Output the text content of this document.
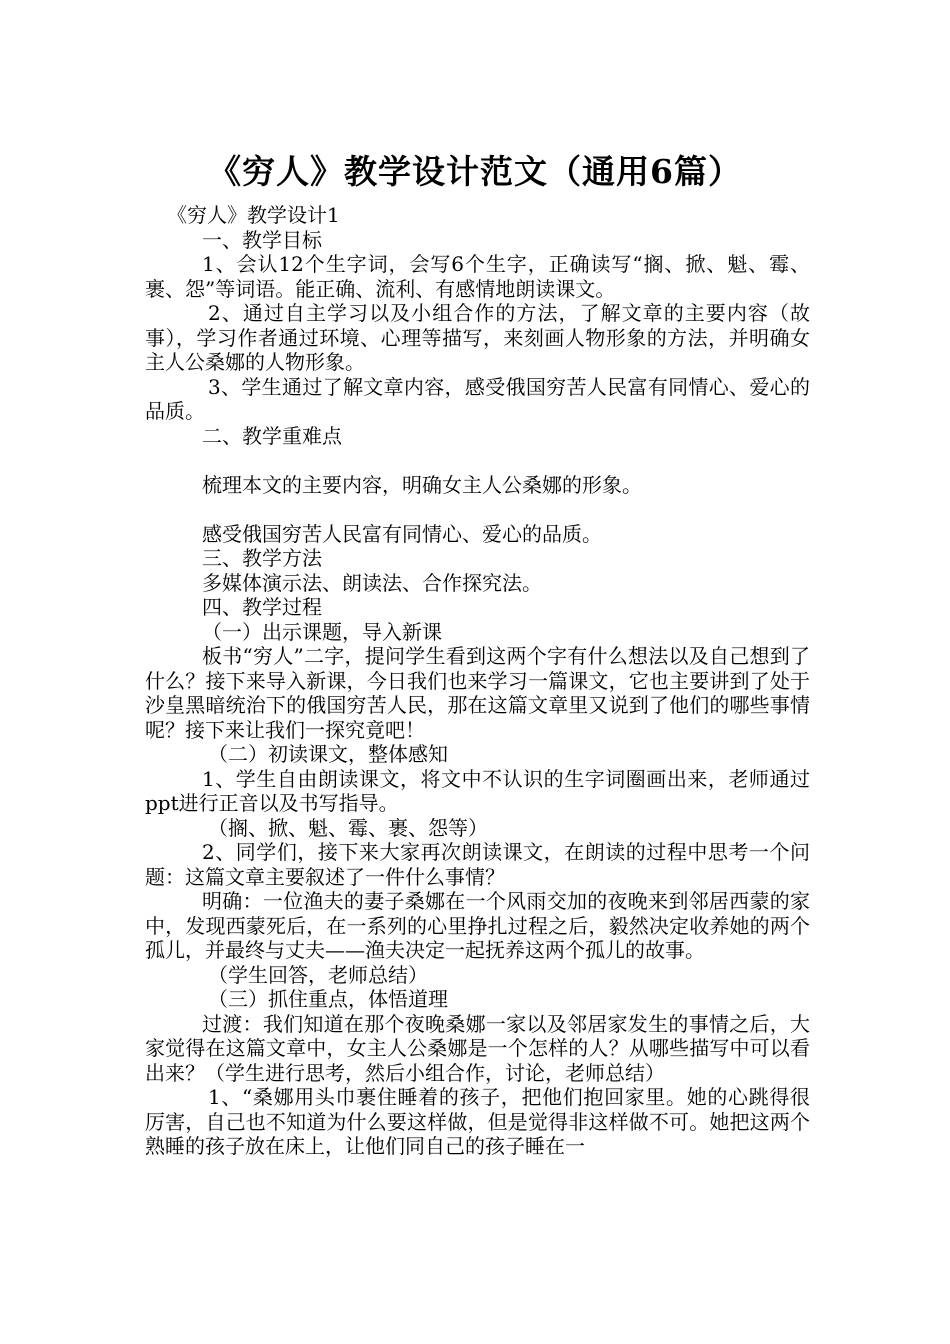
《穷人》教学设计范文（通用6篇）

《穷人》教学设计1

一、教学目标

1、会认12个生字词，会写6个生字，正确读写“搁、掀、魁、霉、裹、怨”等词语。能正确、流利、有感情地朗读课文。

2、通过自主学习以及小组合作的方法，了解文章的主要内容（故事），学习作者通过环境、心理等描写，来刻画人物形象的方法，并明确女主人公桑娜的人物形象。

3、学生通过了解文章内容，感受俄国穷苦人民富有同情心、爱心的品质。

二、教学重难点

梳理本文的主要内容，明确女主人公桑娜的形象。

感受俄国穷苦人民富有同情心、爱心的品质。

三、教学方法

多媒体演示法、朗读法、合作探究法。

四、教学过程

（一）出示课题，导入新课

板书“穷人”二字，提问学生看到这两个字有什么想法以及自己想到了什么？接下来导入新课，今日我们也来学习一篇课文，它也主要讲到了处于沙皇黑暗统治下的俄国穷苦人民，那在这篇文章里又说到了他们的哪些事情呢？接下来让我们一探究竟吧！

（二）初读课文，整体感知

1、学生自由朗读课文，将文中不认识的生字词圈画出来，老师通过ppt进行正音以及书写指导。

（搁、掀、魁、霉、裹、怨等）

2、同学们，接下来大家再次朗读课文，在朗读的过程中思考一个问题：这篇文章主要叙述了一件什么事情？

明确：一位渔夫的妻子桑娜在一个风雨交加的夜晚来到邻居西蒙的家中，发现西蒙死后，在一系列的心里挣扎过程之后，毅然决定收养她的两个孤儿，并最终与丈夫——渔夫决定一起抚养这两个孤儿的故事。

（学生回答，老师总结）

（三）抓住重点，体悟道理

过渡：我们知道在那个夜晚桑娜一家以及邻居家发生的事情之后，大家觉得在这篇文章中，女主人公桑娜是一个怎样的人？从哪些描写中可以看出来？（学生进行思考，然后小组合作，讨论，老师总结）

1、“桑娜用头巾裹住睡着的孩子，把他们抱回家里。她的心跳得很厉害，自己也不知道为什么要这样做，但是觉得非这样做不可。她把这两个熟睡的孩子放在床上，让他们同自己的孩子睡在一
